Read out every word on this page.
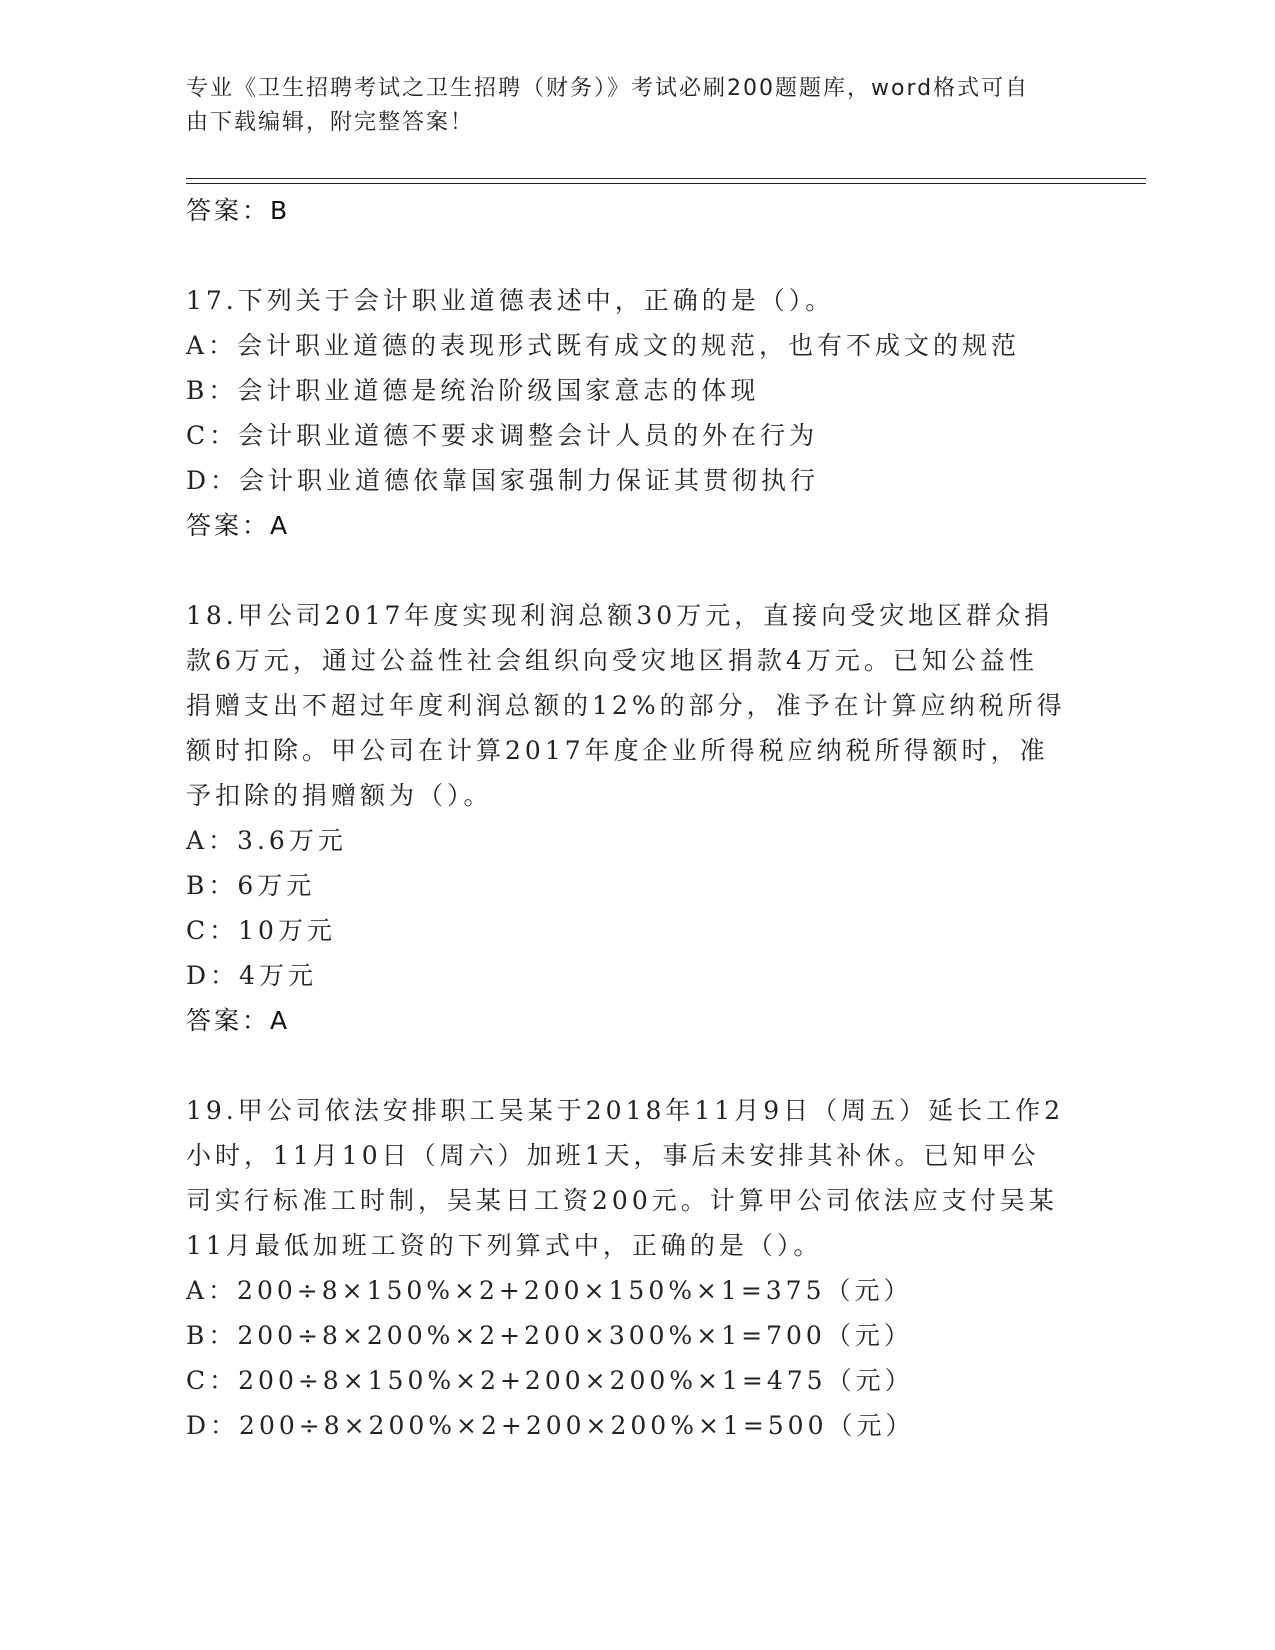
专业《卫生招聘考试之卫生招聘（财务）》考试必刷200题题库，word格式可自
由下载编辑，附完整答案！
答案：B
17.下列关于会计职业道德表述中，正确的是（）。
A：会计职业道德的表现形式既有成文的规范，也有不成文的规范
B：会计职业道德是统治阶级国家意志的体现
C：会计职业道德不要求调整会计人员的外在行为
D：会计职业道德依靠国家强制力保证其贯彻执行
答案：A
18.甲公司2017年度实现利润总额30万元，直接向受灾地区群众捐款6万元，通过公益性社会组织向受灾地区捐款4万元。已知公益性捐赠支出不超过年度利润总额的12%的部分，准予在计算应纳税所得额时扣除。甲公司在计算2017年度企业所得税应纳税所得额时，准予扣除的捐赠额为（）。
A：3.6万元
B：6万元
C：10万元
D：4万元
答案：A
19.甲公司依法安排职工吴某于2018年11月9日（周五）延长工作2小时，11月10日（周六）加班1天，事后未安排其补休。已知甲公司实行标准工时制，吴某日工资200元。计算甲公司依法应支付吴某11月最低加班工资的下列算式中，正确的是（）。
A：200÷8×150%×2+200×150%×1=375（元）
B：200÷8×200%×2+200×300%×1=700（元）
C：200÷8×150%×2+200×200%×1=475（元）
D：200÷8×200%×2+200×200%×1=500（元）
